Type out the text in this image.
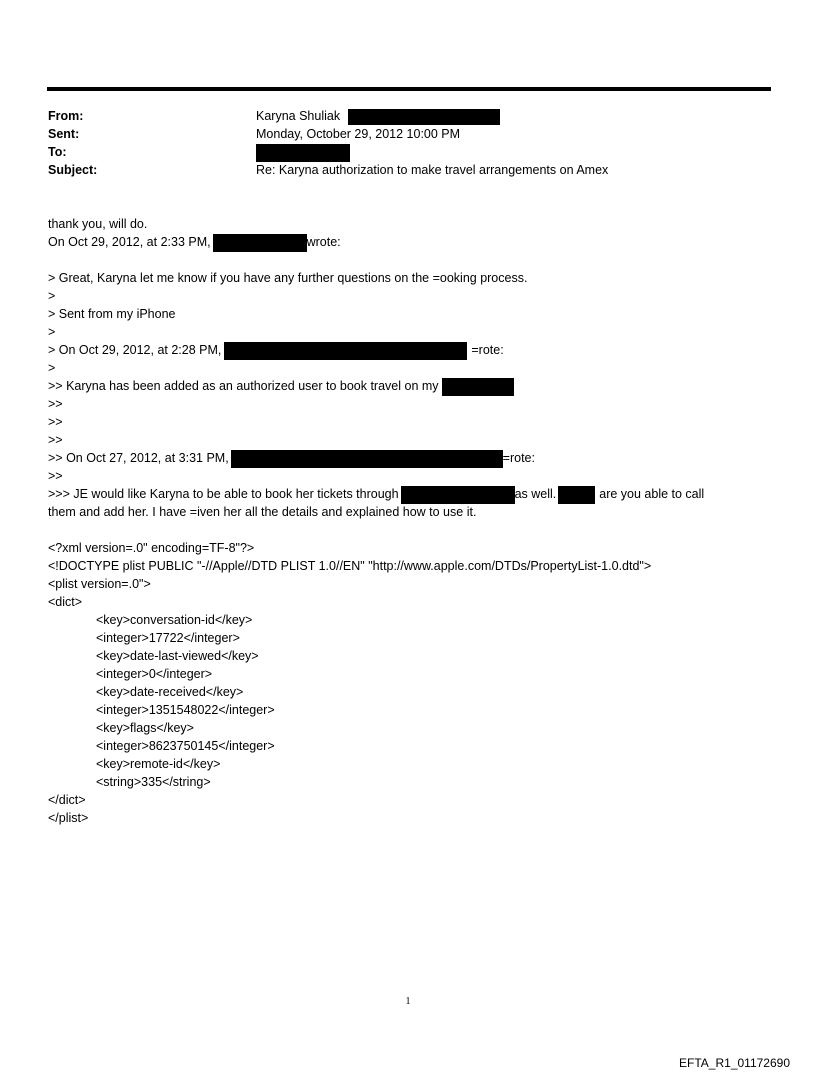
From:	Karyna Shuliak
Sent:	Monday, October 29, 2012 10:00 PM
To:
Subject:	Re: Karyna authorization to make travel arrangements on Amex
thank you, will do.
On Oct 29, 2012, at 2:33 PM,	wrote:
> Great, Karyna let me know if you have any further questions on the =ooking process.
>
> Sent from my iPhone
>
> On Oct 29, 2012, at 2:28 PM,	=rote:
>
>> Karyna has been added as an authorized user to book travel on my
>>
>>
>>
>> On Oct 27, 2012, at 3:31 PM,	=rote:
>>
>>> JE would like Karyna to be able to book her tickets through	as well.	are you able to call
them and add her. I have =iven her all the details and explained how to use it.
<?xml version=.0" encoding=TF-8"?>
<!DOCTYPE plist PUBLIC "-//Apple//DTD PLIST 1.0//EN" "http://www.apple.com/DTDs/PropertyList-1.0.dtd">
<plist version=.0">
<dict>
<key>conversation-id</key>
<integer>17722</integer>
<key>date-last-viewed</key>
<integer>0</integer>
<key>date-received</key>
<integer>1351548022</integer>
<key>flags</key>
<integer>8623750145</integer>
<key>remote-id</key>
<string>335</string>
</dict>
</plist>
1
EFTA_R1_01172690
